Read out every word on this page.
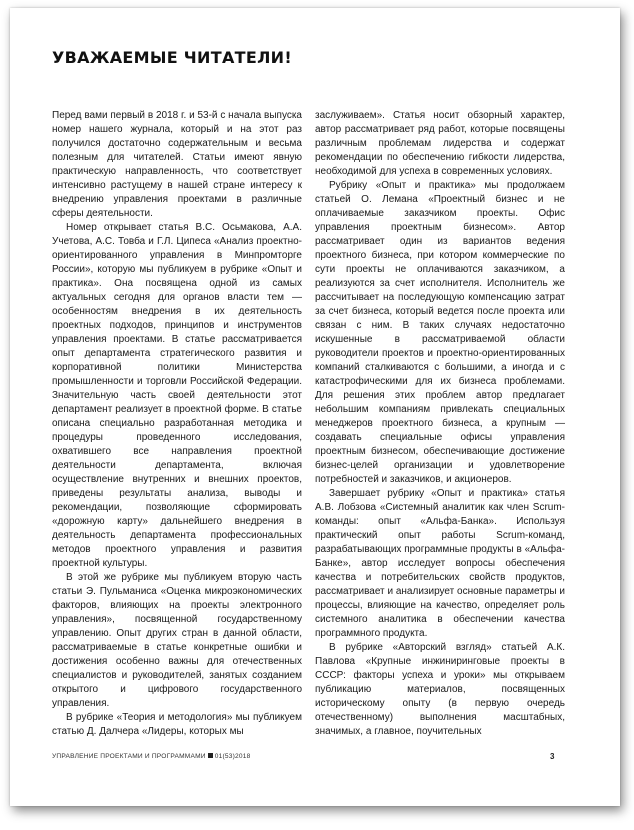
УВАЖАЕМЫЕ ЧИТАТЕЛИ!

Перед вами первый в 2018 г. и 53-й с начала выпуска номер нашего журнала, который и на этот раз получился достаточно содержательным и весьма полезным для читателей. Статьи имеют явную практическую направленность, что соответствует интенсивно растущему в нашей стране интересу к внедрению управления проектами в различные сферы деятельности.

Номер открывает статья В.С. Осьмакова, А.А. Учетова, А.С. Товба и Г.Л. Ципеса «Анализ проектно-ориентированного управления в Минпромторге России», которую мы публикуем в рубрике «Опыт и практика». Она посвящена одной из самых актуальных сегодня для органов власти тем — особенностям внедрения в их деятельность проектных подходов, принципов и инструментов управления проектами. В статье рассматривается опыт департамента стратегического развития и корпоративной политики Министерства промышленности и торговли Российской Федерации. Значительную часть своей деятельности этот департамент реализует в проектной форме. В статье описана специально разработанная методика и процедуры проведенного исследования, охватившего все направления проектной деятельности департамента, включая осуществление внутренних и внешних проектов, приведены результаты анализа, выводы и рекомендации, позволяющие сформировать «дорожную карту» дальнейшего внедрения в деятельность департамента профессиональных методов проектного управления и развития проектной культуры.

В этой же рубрике мы публикуем вторую часть статьи Э. Пульманиса «Оценка микроэкономических факторов, влияющих на проекты электронного управления», посвященной государственному управлению. Опыт других стран в данной области, рассматриваемые в статье конкретные ошибки и достижения особенно важны для отечественных специалистов и руководителей, занятых созданием открытого и цифрового государственного управления.

В рубрике «Теория и методология» мы публикуем статью Д. Далчера «Лидеры, которых мы

заслуживаем». Статья носит обзорный характер, автор рассматривает ряд работ, которые посвящены различным проблемам лидерства и содержат рекомендации по обеспечению гибкости лидерства, необходимой для успеха в современных условиях.

Рубрику «Опыт и практика» мы продолжаем статьей О. Лемана «Проектный бизнес и не оплачиваемые заказчиком проекты. Офис управления проектным бизнесом». Автор рассматривает один из вариантов ведения проектного бизнеса, при котором коммерческие по сути проекты не оплачиваются заказчиком, а реализуются за счет исполнителя. Исполнитель же рассчитывает на последующую компенсацию затрат за счет бизнеса, который ведется после проекта или связан с ним. В таких случаях недостаточно искушенные в рассматриваемой области руководители проектов и проектно-ориентированных компаний сталкиваются с большими, а иногда и с катастрофическими для их бизнеса проблемами. Для решения этих проблем автор предлагает небольшим компаниям привлекать специальных менеджеров проектного бизнеса, а крупным — создавать специальные офисы управления проектным бизнесом, обеспечивающие достижение бизнес-целей организации и удовлетворение потребностей и заказчиков, и акционеров.

Завершает рубрику «Опыт и практика» статья А.В. Лобзова «Системный аналитик как член Scrum-команды: опыт «Альфа-Банка». Используя практический опыт работы Scrum-команд, разрабатывающих программные продукты в «Альфа-Банке», автор исследует вопросы обеспечения качества и потребительских свойств продуктов, рассматривает и анализирует основные параметры и процессы, влияющие на качество, определяет роль системного аналитика в обеспечении качества программного продукта.

В рубрике «Авторский взгляд» статьей А.К. Павлова «Крупные инжиниринговые проекты в СССР: факторы успеха и уроки» мы открываем публикацию материалов, посвященных историческому опыту (в первую очередь отечественному) выполнения масштабных, значимых, а главное, поучительных

УПРАВЛЕНИЕ ПРОЕКТАМИ И ПРОГРАММАМИ 01(53)2018	3
